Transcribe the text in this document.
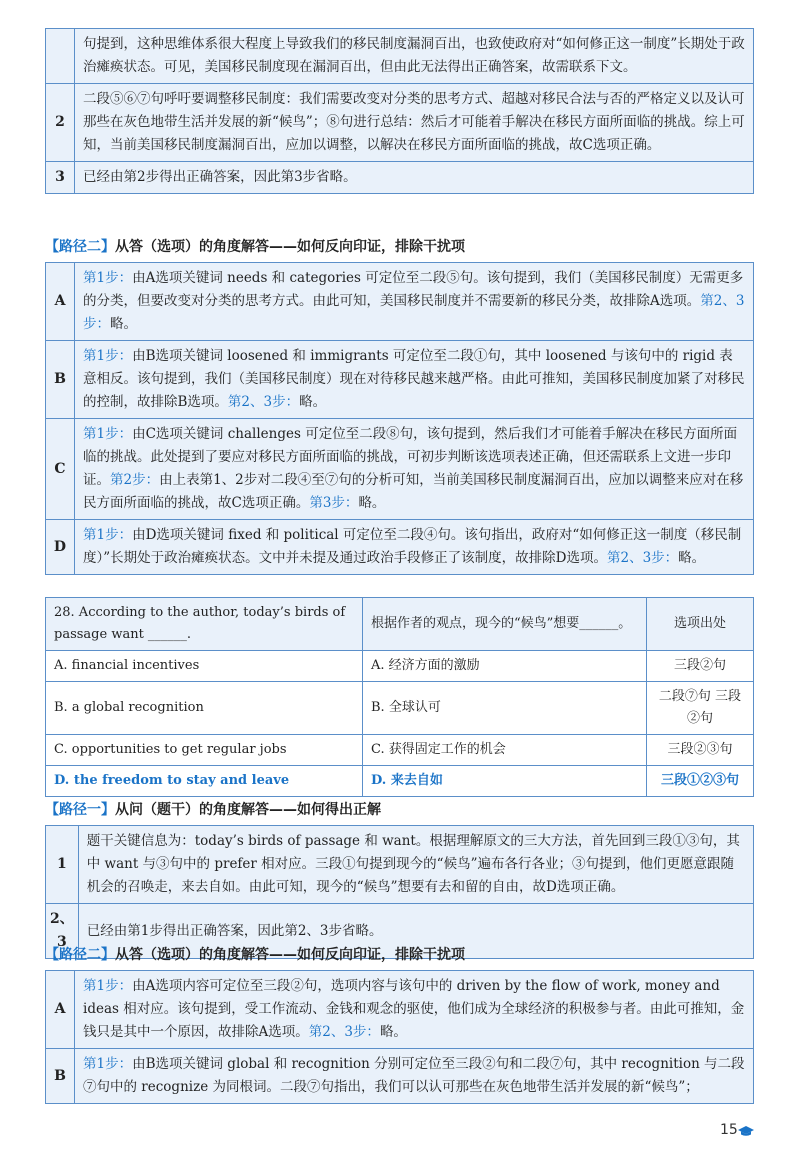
	句提到，这种思维体系很大程度上导致我们的移民制度漏洞百出，也致使政府对“如何修正这一制度”长期处于政治瘫痪状态。可见，美国移民制度现在漏洞百出，但由此无法得出正确答案，故需联系下文。
2	二段⑤⑥⑦句呼吁要调整移民制度：我们需要改变对分类的思考方式、超越对移民合法与否的严格定义以及认可那些在灰色地带生活并发展的新“候鸟”；⑧句进行总结：然后才可能着手解决在移民方面所面临的挑战。综上可知，当前美国移民制度漏洞百出，应加以调整，以解决在移民方面所面临的挑战，故C选项正确。
3	已经由第2步得出正确答案，因此第3步省略。
【路径二】从答（选项）的角度解答——如何反向印证，排除干扰项
A	第1步：由A选项关键词 needs 和 categories 可定位至二段⑤句。该句提到，我们（美国移民制度）无需更多的分类，但要改变对分类的思考方式。由此可知，美国移民制度并不需要新的移民分类，故排除A选项。第2、3步：略。
B	第1步：由B选项关键词 loosened 和 immigrants 可定位至二段①句，其中 loosened 与该句中的 rigid 表意相反。该句提到，我们（美国移民制度）现在对待移民越来越严格。由此可推知，美国移民制度加紧了对移民的控制，故排除B选项。第2、3步：略。
C	第1步：由C选项关键词 challenges 可定位至二段⑧句，该句提到，然后我们才可能着手解决在移民方面所面临的挑战。此处提到了要应对移民方面所面临的挑战，可初步判断该选项表述正确，但还需联系上文进一步印证。第2步：由上表第1、2步对二段④至⑦句的分析可知，当前美国移民制度漏洞百出，应加以调整来应对在移民方面所面临的挑战，故C选项正确。第3步：略。
D	第1步：由D选项关键词 fixed 和 political 可定位至二段④句。该句指出，政府对“如何修正这一制度（移民制度）”长期处于政治瘫痪状态。文中并未提及通过政治手段修正了该制度，故排除D选项。第2、3步：略。
28. According to the author, today’s birds of passage want ______.	根据作者的观点，现今的“候鸟”想要______。	选项出处
A. financial incentives	A. 经济方面的激励	三段②句
B. a global recognition	B. 全球认可	二段⑦句 三段②句
C. opportunities to get regular jobs	C. 获得固定工作的机会	三段②③句
D. the freedom to stay and leave	D. 来去自如	三段①②③句
【路径一】从问（题干）的角度解答——如何得出正解
1	题干关键信息为：today’s birds of passage 和 want。根据理解原文的三大方法，首先回到三段①③句，其中 want 与③句中的 prefer 相对应。三段①句提到现今的“候鸟”遍布各行各业；③句提到，他们更愿意跟随机会的召唤走，来去自如。由此可知，现今的“候鸟”想要有去和留的自由，故D选项正确。
2、3	已经由第1步得出正确答案，因此第2、3步省略。
【路径二】从答（选项）的角度解答——如何反向印证，排除干扰项
A	第1步：由A选项内容可定位至三段②句，选项内容与该句中的 driven by the flow of work, money and ideas 相对应。该句提到，受工作流动、金钱和观念的驱使，他们成为全球经济的积极参与者。由此可推知，金钱只是其中一个原因，故排除A选项。第2、3步：略。
B	第1步：由B选项关键词 global 和 recognition 分别可定位至三段②句和二段⑦句，其中 recognition 与二段⑦句中的 recognize 为同根词。二段⑦句指出，我们可以认可那些在灰色地带生活并发展的新“候鸟”；
15
